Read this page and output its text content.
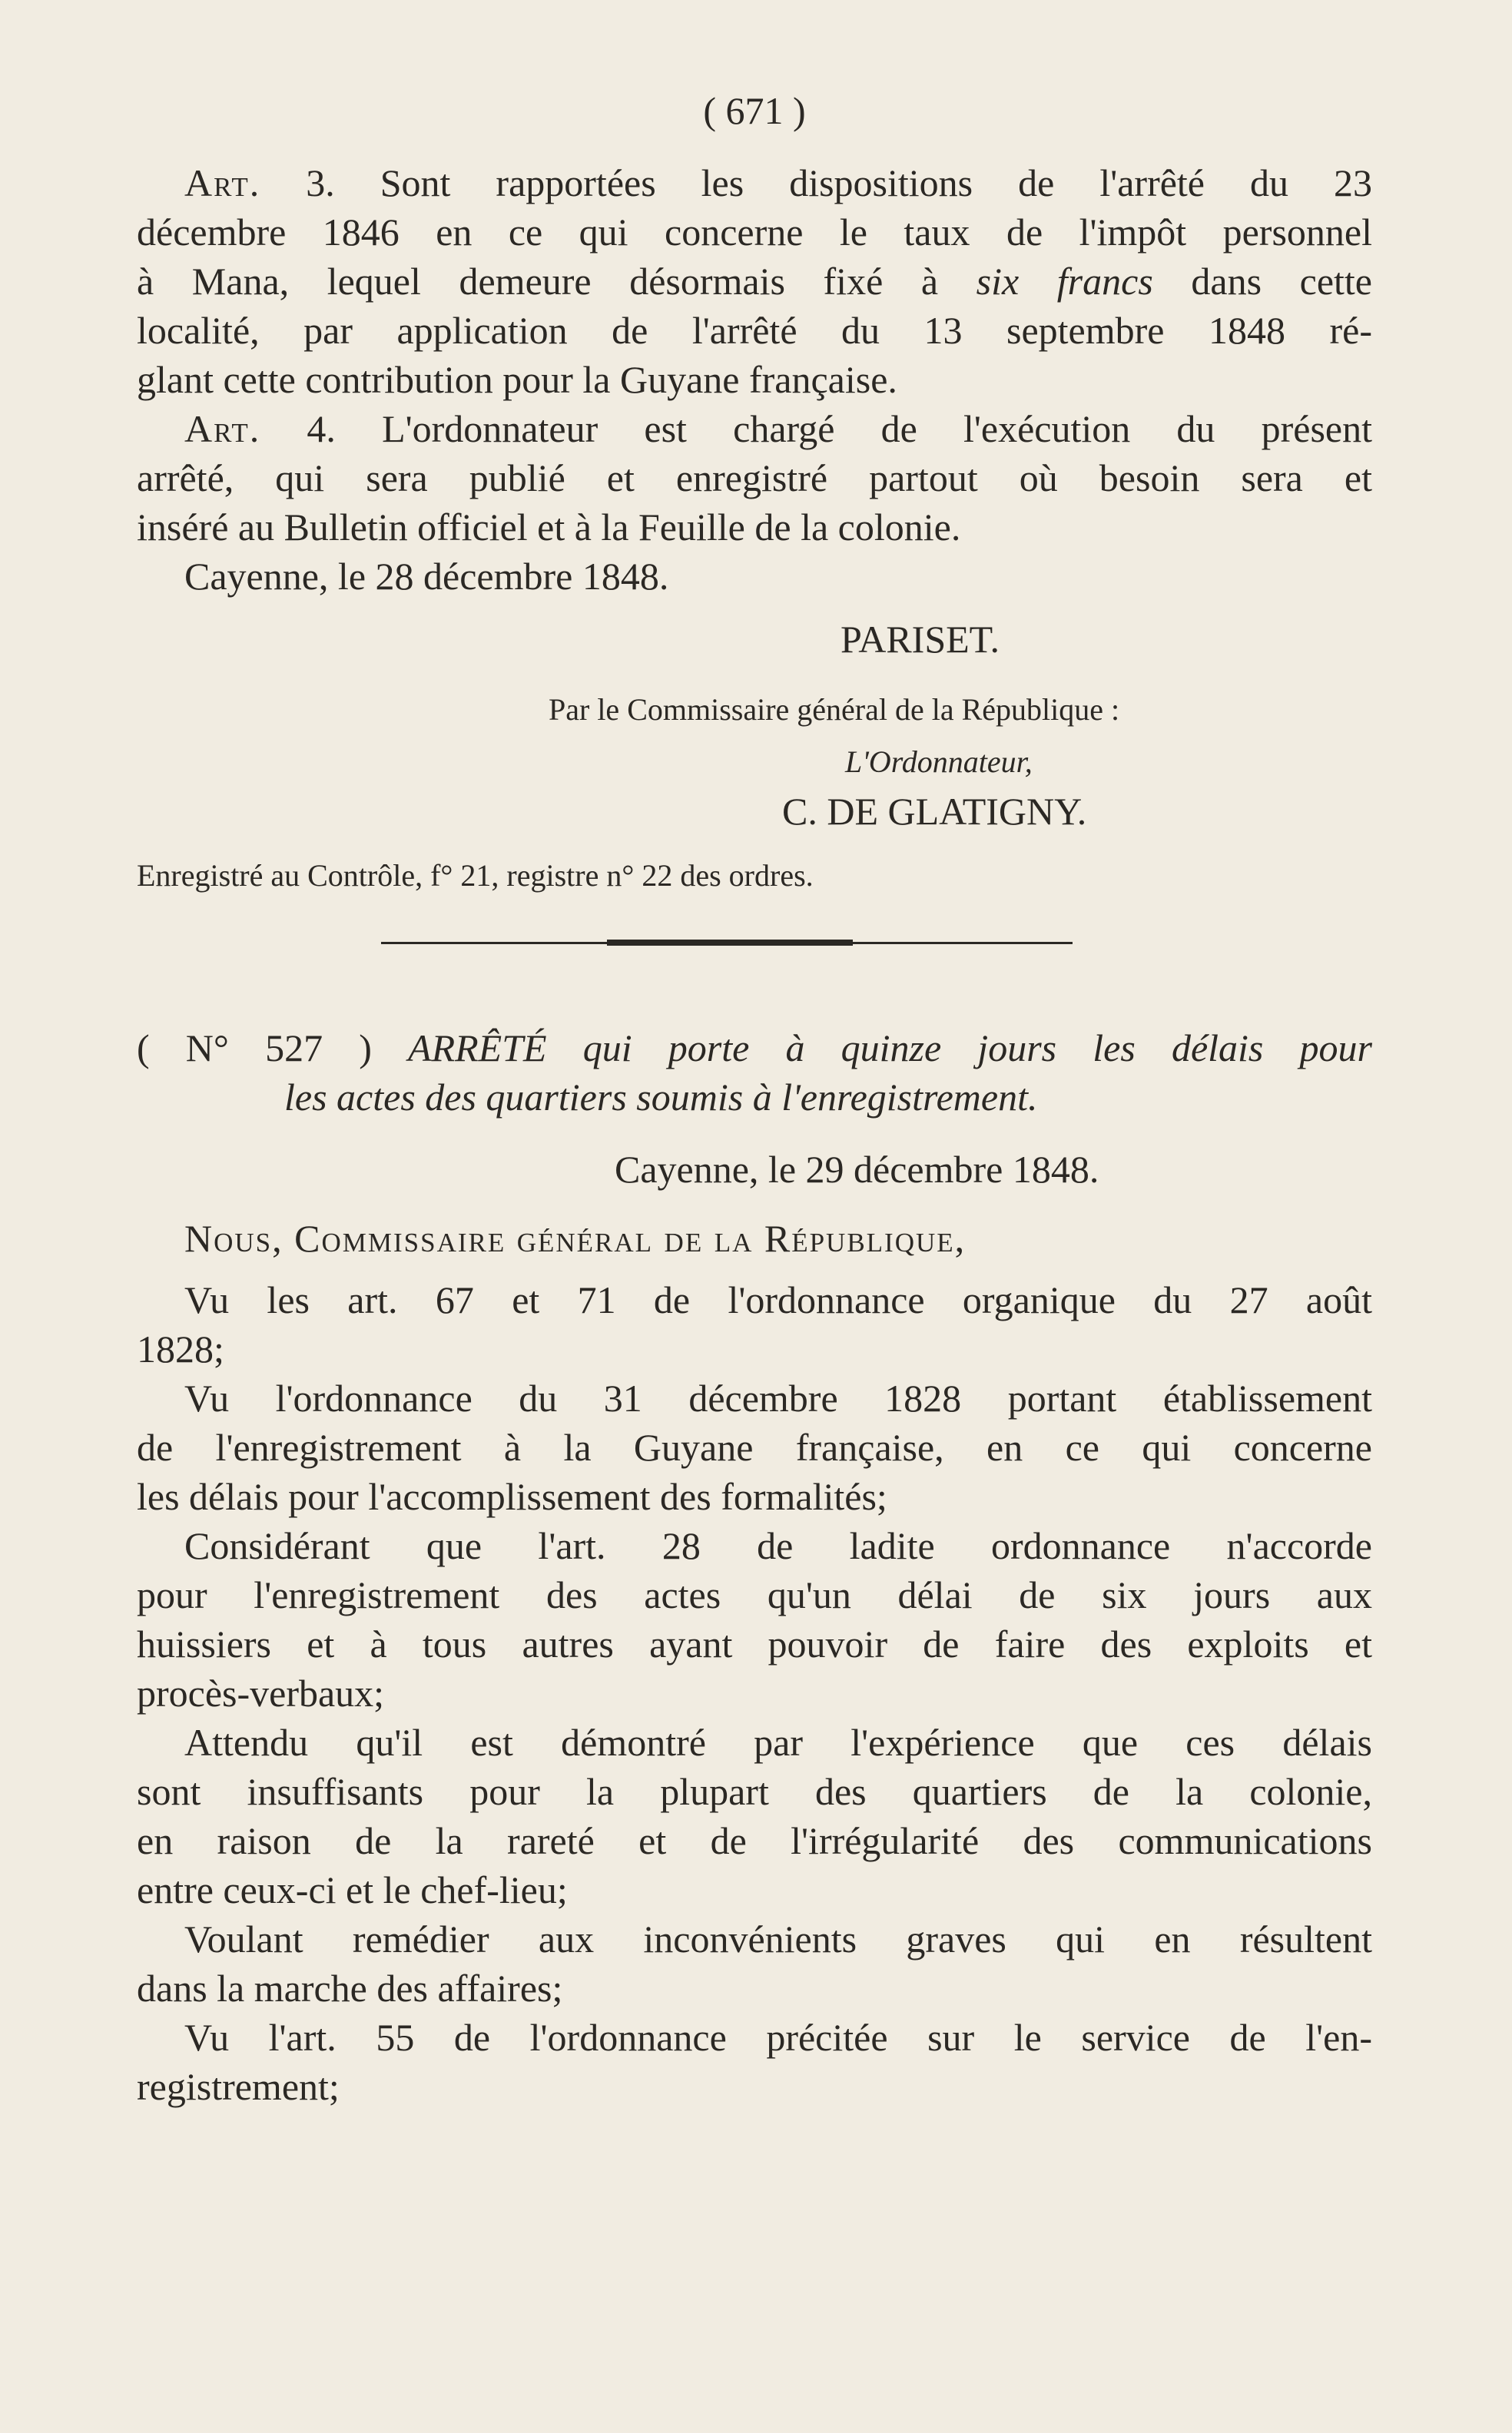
( 671 )
Art. 3. Sont rapportées les dispositions de l'arrêté du 23
décembre 1846 en ce qui concerne le taux de l'impôt personnel
à Mana, lequel demeure désormais fixé à six francs dans cette
localité, par application de l'arrêté du 13 septembre 1848 ré-
glant cette contribution pour la Guyane française.
Art. 4. L'ordonnateur est chargé de l'exécution du présent
arrêté, qui sera publié et enregistré partout où besoin sera et
inséré au Bulletin officiel et à la Feuille de la colonie.
Cayenne, le 28 décembre 1848.
PARISET.
Par le Commissaire général de la République :
L'Ordonnateur,
C. DE GLATIGNY.
Enregistré au Contrôle, f° 21, registre n° 22 des ordres.
( N° 527 ) ARRÊTÉ qui porte à quinze jours les délais pour
les actes des quartiers soumis à l'enregistrement.
Cayenne, le 29 décembre 1848.
Nous, Commissaire général de la République,
Vu les art. 67 et 71 de l'ordonnance organique du 27 août
1828;
Vu l'ordonnance du 31 décembre 1828 portant établissement
de l'enregistrement à la Guyane française, en ce qui concerne
les délais pour l'accomplissement des formalités;
Considérant que l'art. 28 de ladite ordonnance n'accorde
pour l'enregistrement des actes qu'un délai de six jours aux
huissiers et à tous autres ayant pouvoir de faire des exploits et
procès-verbaux;
Attendu qu'il est démontré par l'expérience que ces délais
sont insuffisants pour la plupart des quartiers de la colonie,
en raison de la rareté et de l'irrégularité des communications
entre ceux-ci et le chef-lieu;
Voulant remédier aux inconvénients graves qui en résultent
dans la marche des affaires;
Vu l'art. 55 de l'ordonnance précitée sur le service de l'en-
registrement;
